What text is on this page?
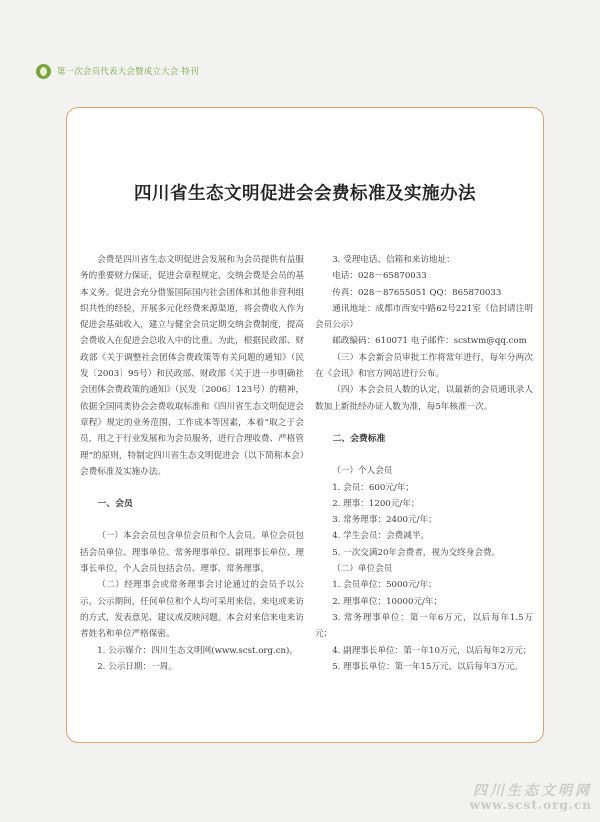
第一次会员代表大会暨成立大会 特刊
四川省生态文明促进会会费标准及实施办法

会费是四川省生态文明促进会发展和为会员提供有益服务的重要财力保证，促进会章程规定，交纳会费是会员的基本义务。促进会充分借鉴国际国内社会团体和其他非营利组织共性的经验，开展多元化经费来源渠道，将会费收入作为促进会基础收入，建立与健全会员定期交纳会费制度，提高会费收入在促进会总收入中的比重。为此，根据民政部、财政部《关于调整社会团体会费政策等有关问题的通知》（民发〔2003〕95号）和民政部、财政部《关于进一步明确社会团体会费政策的通知》（民发〔2006〕123号）的精神，依据全国同类协会会费收取标准和《四川省生态文明促进会章程》规定的业务范围、工作成本等因素，本着“取之于会员，用之于行业发展和为会员服务，进行合理收费、严格管理”的原则，特制定四川省生态文明促进会（以下简称本会）会费标准及实施办法。

一、会员

（一）本会会员包含单位会员和个人会员。单位会员包括会员单位、理事单位、常务理事单位、副理事长单位、理事长单位，个人会员包括会员、理事、常务理事。

（二）经理事会或常务理事会讨论通过的会员予以公示。公示期间，任何单位和个人均可采用来信、来电或来访的方式，发表意见、建议或反映问题。本会对来信来电来访者姓名和单位严格保密。

1. 公示媒介：四川生态文明网(www.scst.org.cn)。

2. 公示日期：一周。

3. 受理电话、信箱和来访地址：

电话：028－65870033

传真：028－87655051 QQ：865870033

通讯地址：成都市西安中路62号221室（信封请注明会员公示）

邮政编码：610071 电子邮件：scstwm@qq.com

（三）本会新会员审批工作将常年进行，每年分两次在《会讯》和官方网站进行公布。

（四）本会会员人数的认定，以最新的会员通讯录人数加上新批经办证人数为准，每5年核准一次。

二、会费标准

（一）个人会员

1. 会员：600元/年；

2. 理事：1200元/年；

3. 常务理事：2400元/年；

4. 学生会员：会费减半。

5. 一次交满20年会费者，视为交终身会费。

（二）单位会员

1. 会员单位：5000元/年；

2. 理事单位：10000元/年；

3. 常务理事单位：第一年6万元，以后每年1.5万元；

4. 副理事长单位：第一年10万元，以后每年2万元；

5. 理事长单位：第一年15万元，以后每年3万元。

四川生态文明网
www.scst.org.cn
